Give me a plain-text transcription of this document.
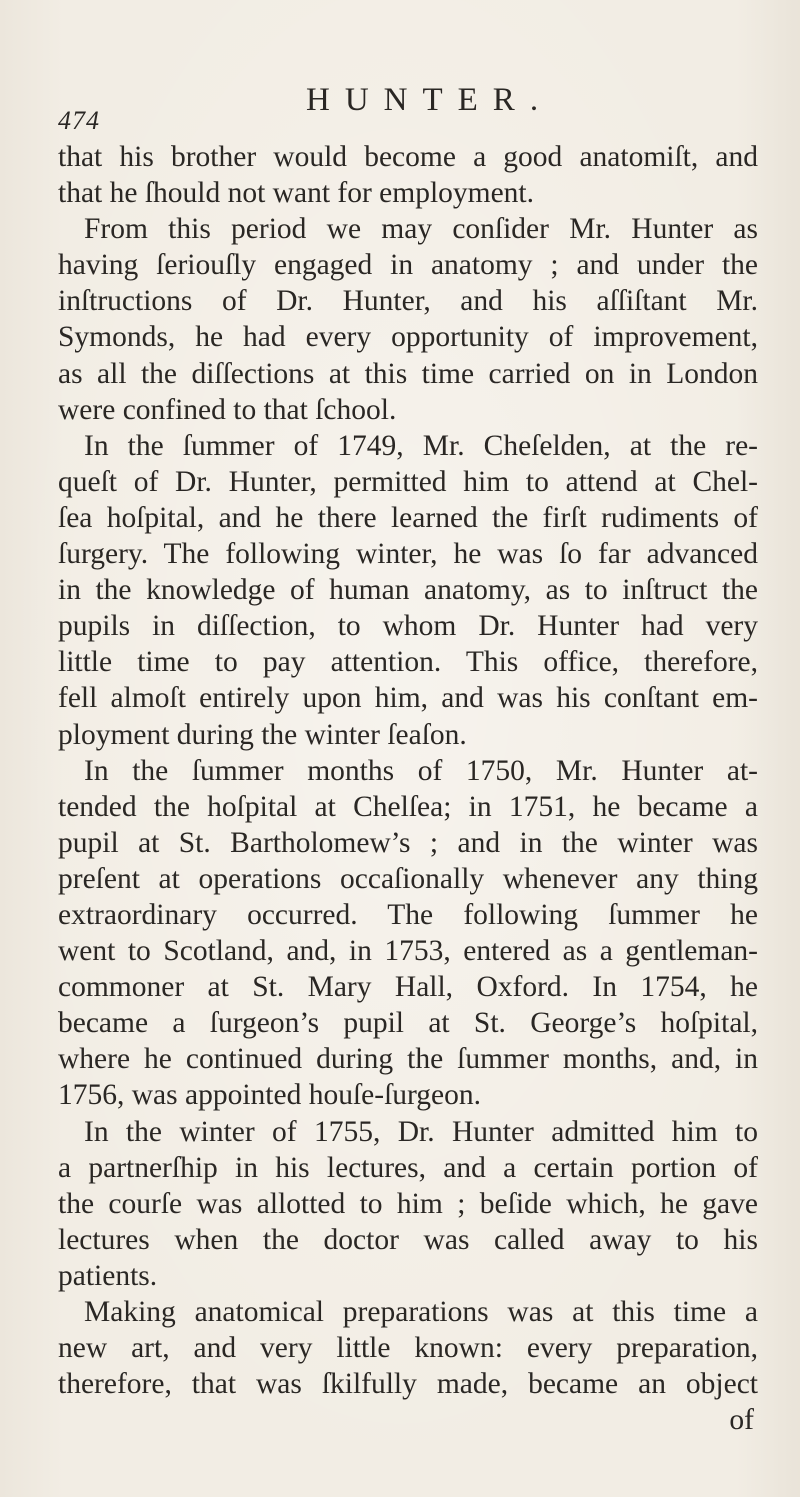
474
HUNTER.
that his brother would become a good anatomiſt, and
that he ſhould not want for employment.
From this period we may conſider Mr. Hunter as
having ſeriouſly engaged in anatomy ; and under the
inſtructions of Dr. Hunter, and his aſſiſtant Mr.
Symonds, he had every opportunity of improvement,
as all the diſſections at this time carried on in London
were confined to that ſchool.
In the ſummer of 1749, Mr. Cheſelden, at the re-
queſt of Dr. Hunter, permitted him to attend at Chel-
ſea hoſpital, and he there learned the firſt rudiments of
ſurgery. The following winter, he was ſo far advanced
in the knowledge of human anatomy, as to inſtruct the
pupils in diſſection, to whom Dr. Hunter had very
little time to pay attention. This office, therefore,
fell almoſt entirely upon him, and was his conſtant em-
ployment during the winter ſeaſon.
In the ſummer months of 1750, Mr. Hunter at-
tended the hoſpital at Chelſea; in 1751, he became a
pupil at St. Bartholomew’s ; and in the winter was
preſent at operations occaſionally whenever any thing
extraordinary occurred. The following ſummer he
went to Scotland, and, in 1753, entered as a gentleman-
commoner at St. Mary Hall, Oxford. In 1754, he
became a ſurgeon’s pupil at St. George’s hoſpital,
where he continued during the ſummer months, and, in
1756, was appointed houſe-ſurgeon.
In the winter of 1755, Dr. Hunter admitted him to
a partnerſhip in his lectures, and a certain portion of
the courſe was allotted to him ; beſide which, he gave
lectures when the doctor was called away to his
patients.
Making anatomical preparations was at this time a
new art, and very little known: every preparation,
therefore, that was ſkilfully made, became an object
of
